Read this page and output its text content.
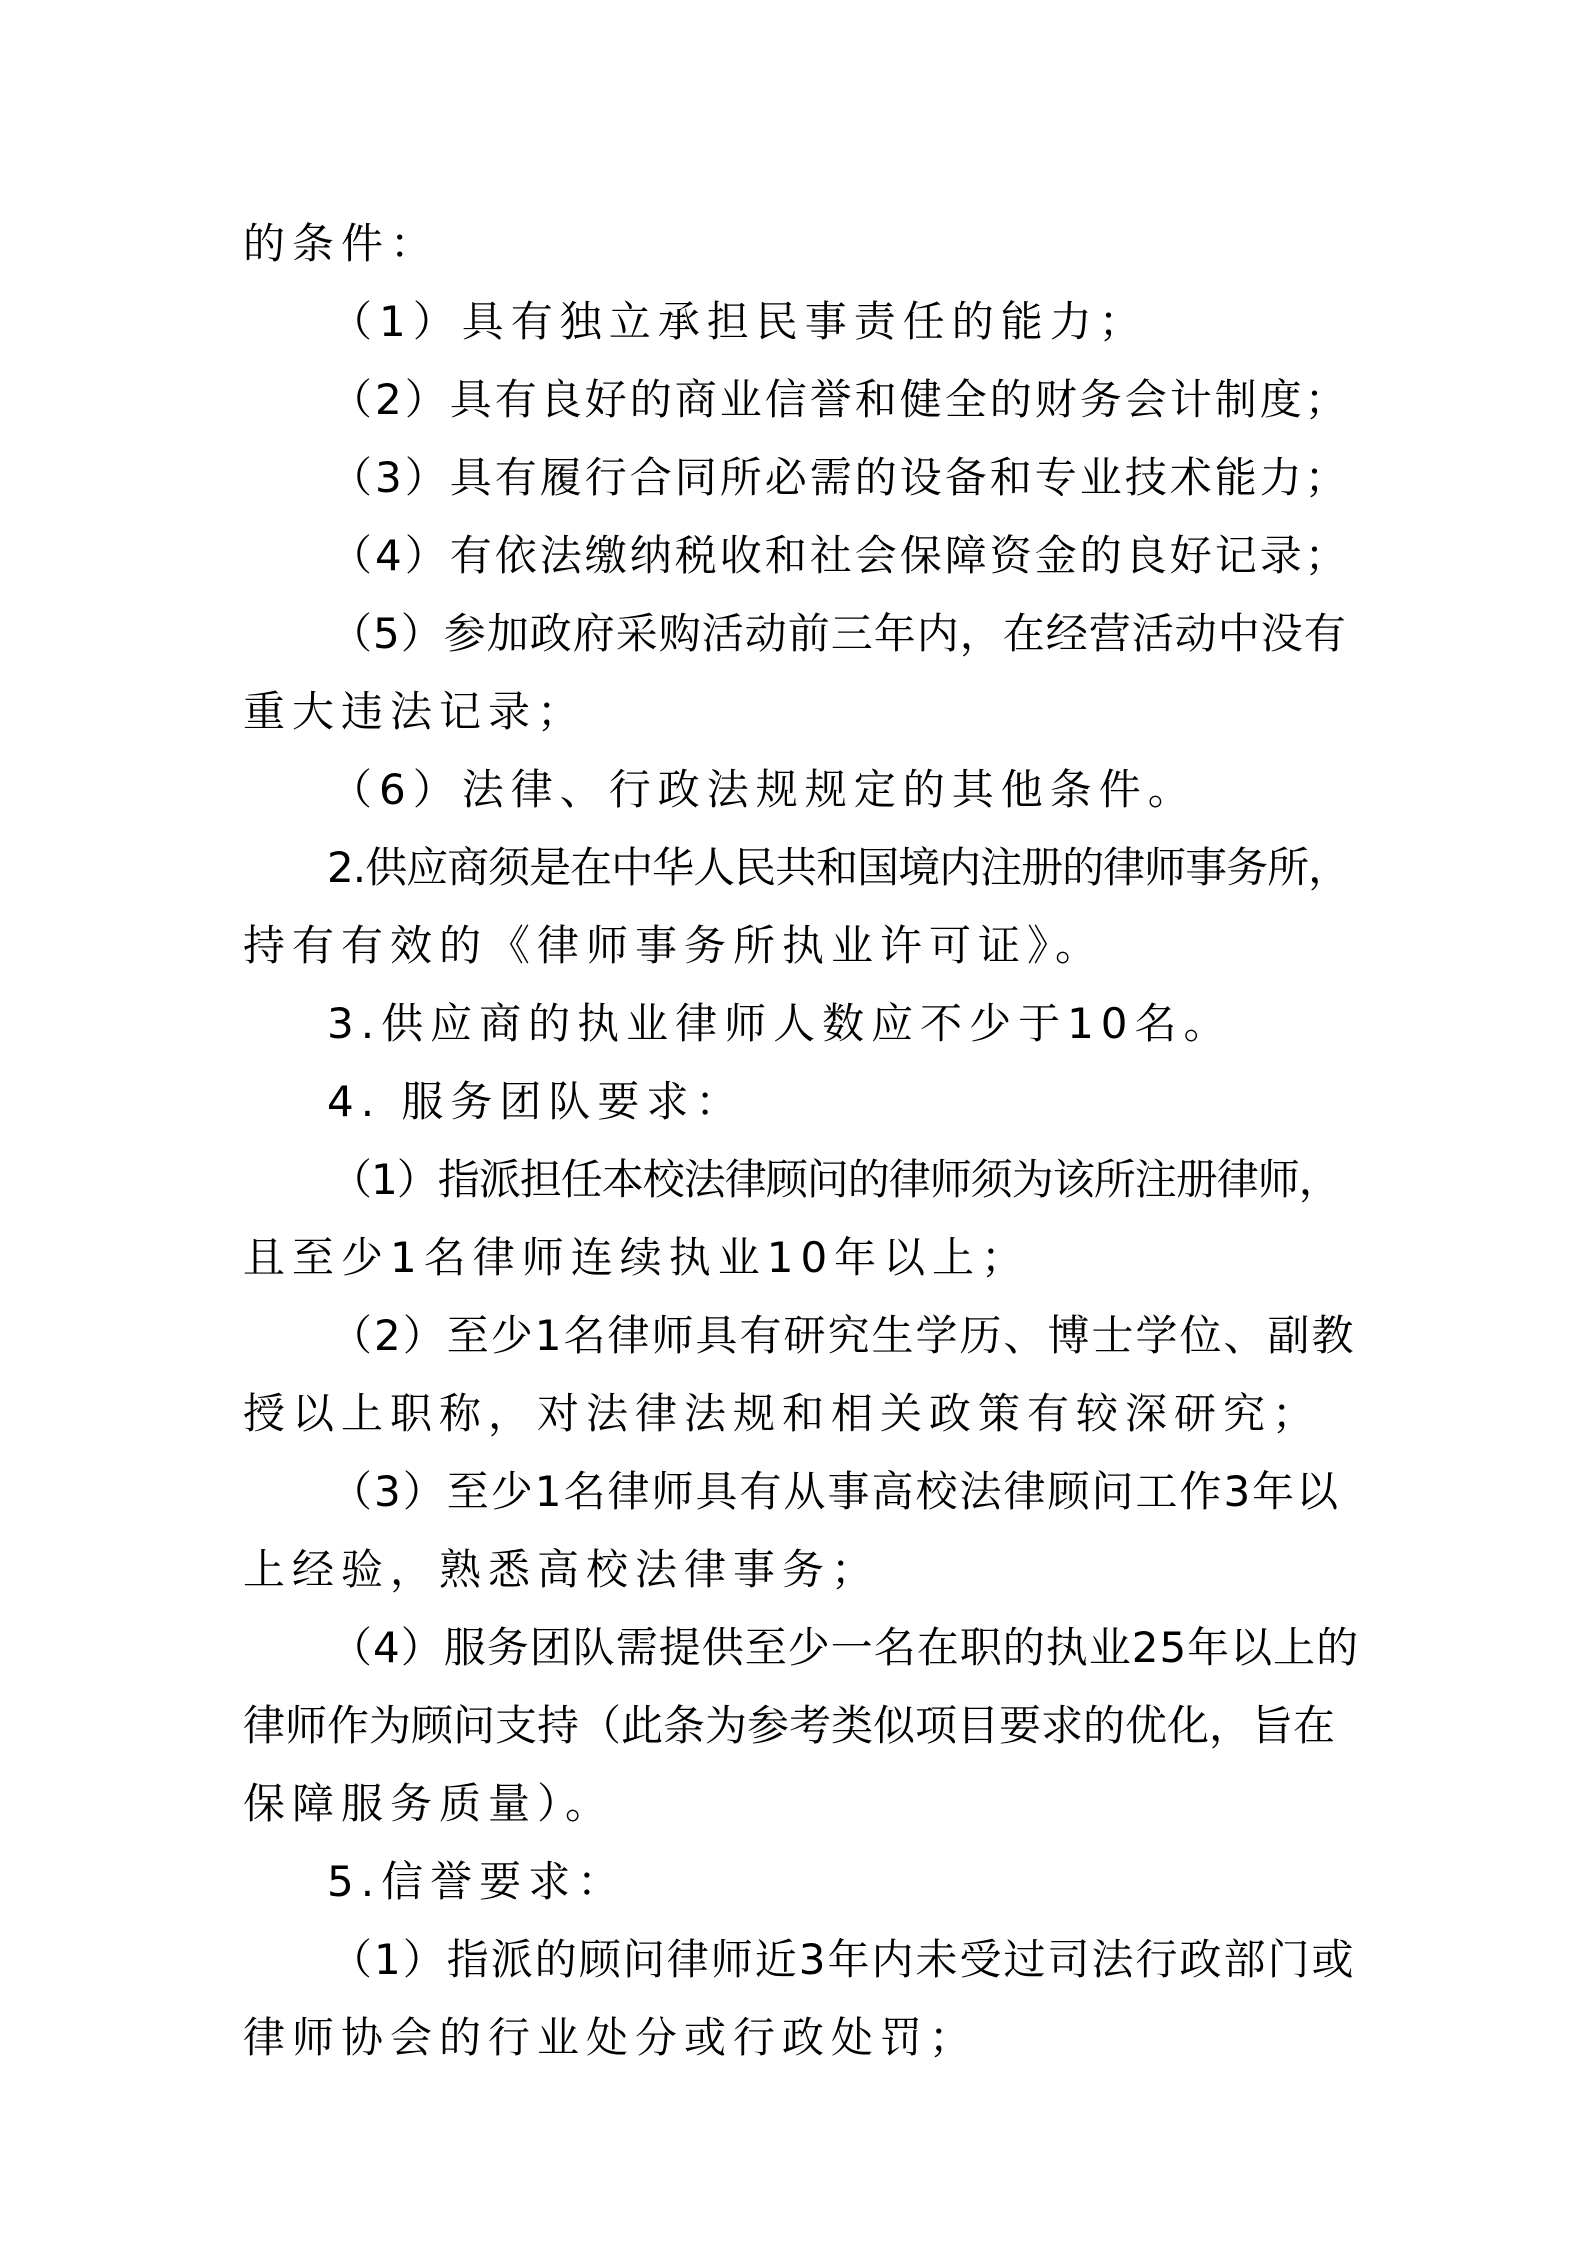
的条件：
（1）具有独立承担民事责任的能力；
（2）具有良好的商业信誉和健全的财务会计制度；
（3）具有履行合同所必需的设备和专业技术能力；
（4）有依法缴纳税收和社会保障资金的良好记录；
（5）参加政府采购活动前三年内，在经营活动中没有
重大违法记录；
（6）法律、行政法规规定的其他条件。
2.供应商须是在中华人民共和国境内注册的律师事务所，
持有有效的《律师事务所执业许可证》。
3.供应商的执业律师人数应不少于10名。
4. 服务团队要求：
（1）指派担任本校法律顾问的律师须为该所注册律师，
且至少1名律师连续执业10年以上；
（2）至少1名律师具有研究生学历、博士学位、副教
授以上职称，对法律法规和相关政策有较深研究；
（3）至少1名律师具有从事高校法律顾问工作3年以
上经验，熟悉高校法律事务；
（4）服务团队需提供至少一名在职的执业25年以上的
律师作为顾问支持（此条为参考类似项目要求的优化，旨在
保障服务质量）。
5.信誉要求：
（1）指派的顾问律师近3年内未受过司法行政部门或
律师协会的行业处分或行政处罚；
